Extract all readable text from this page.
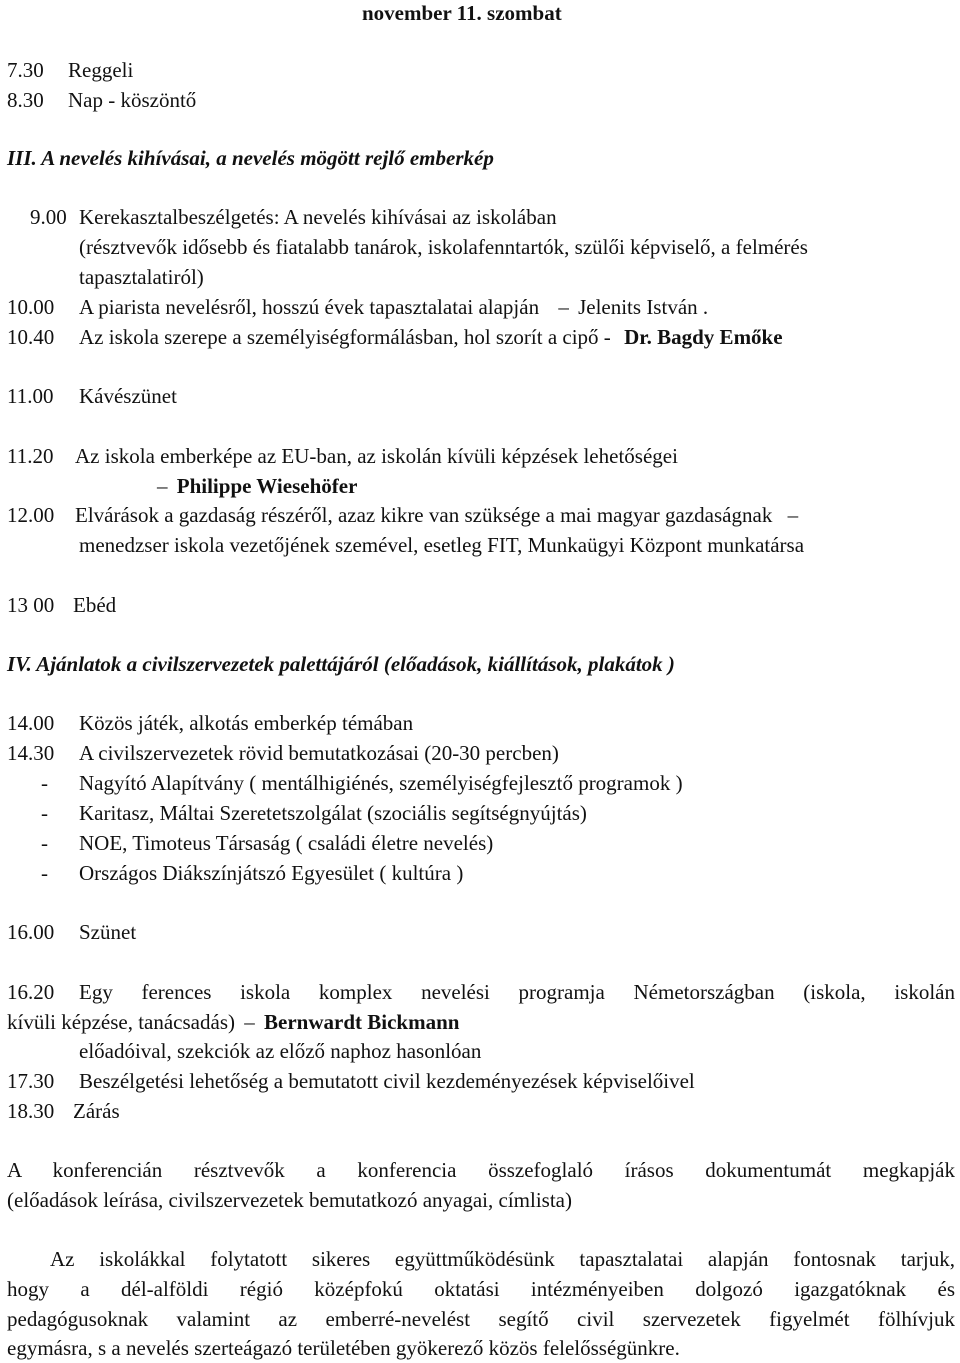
november 11. szombat
7.30 Reggeli
8.30 Nap - köszöntő
III. A nevelés kihívásai, a nevelés mögött rejlő emberkép
9.00 Kerekasztalbeszélgetés: A nevelés kihívásai az iskolában
(résztvevők idősebb és fiatalabb tanárok, iskolafenntartók, szülői képviselő, a felmérés
tapasztalatiról)
10.00 A piarista nevelésről, hosszú évek tapasztalatai alapján – Jelenits István .
10.40 Az iskola szerepe a személyiségformálásban, hol szorít a cipő - Dr. Bagdy Emőke
11.00 Kávészünet
11.20 Az iskola emberképe az EU-ban, az iskolán kívüli képzések lehetőségei
– Philippe Wiesehöfer
12.00 Elvárások a gazdaság részéről, azaz kikre van szüksége a mai magyar gazdaságnak –
menedzser iskola vezetőjének szemével, esetleg FIT, Munkaügyi Központ munkatársa
13 00 Ebéd
IV. Ajánlatok a civilszervezetek palettájáról (előadások, kiállítások, plakátok )
14.00 Közös játék, alkotás emberkép témában
14.30 A civilszervezetek rövid bemutatkozásai (20-30 percben)
- Nagyító Alapítvány ( mentálhigiénés, személyiségfejlesztő programok )
- Karitasz, Máltai Szeretetszolgálat (szociális segítségnyújtás)
- NOE, Timoteus Társaság ( családi életre nevelés)
- Országos Diákszínjátszó Egyesület ( kultúra )
16.00 Szünet
16.20 Egy ferences iskola komplex nevelési programja Németországban (iskola, iskolán
kívüli képzése, tanácsadás) – Bernwardt Bickmann
előadóival, szekciók az előző naphoz hasonlóan
17.30 Beszélgetési lehetőség a bemutatott civil kezdeményezések képviselőivel
18.30 Zárás
A konferencián résztvevők a konferencia összefoglaló írásos dokumentumát megkapják
(előadások leírása, civilszervezetek bemutatkozó anyagai, címlista)
Az iskolákkal folytatott sikeres együttműködésünk tapasztalatai alapján fontosnak tarjuk,
hogy a dél-alföldi régió középfokú oktatási intézményeiben dolgozó igazgatóknak és
pedagógusoknak valamint az emberré-nevelést segítő civil szervezetek figyelmét fölhívjuk
egymásra, s a nevelés szerteágazó területében gyökerező közös felelősségünkre.
